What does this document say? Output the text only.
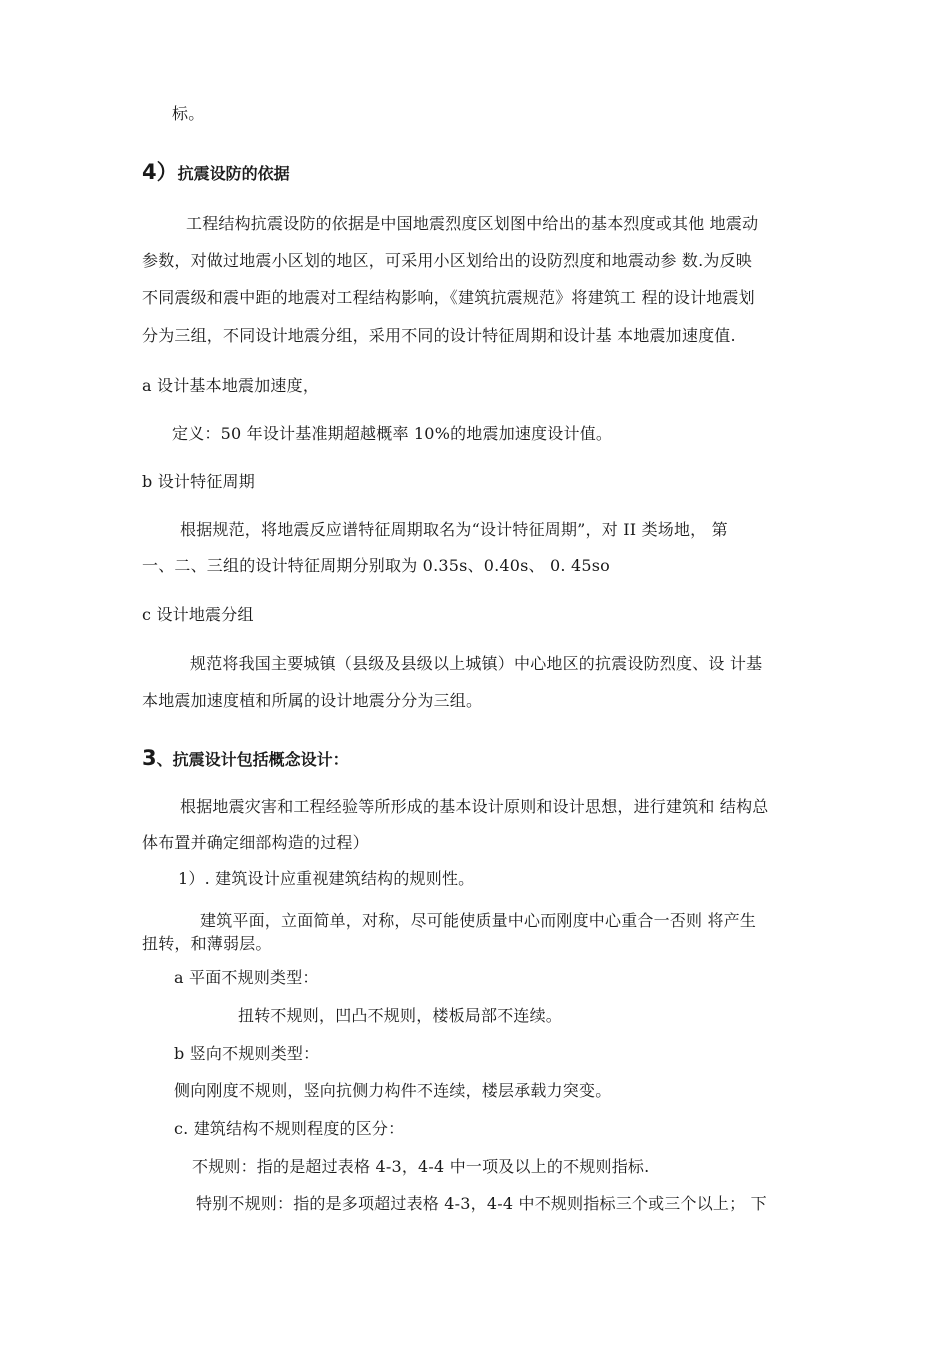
标。
4）抗震设防的依据
工程结构抗震设防的依据是中国地震烈度区划图中给出的基本烈度或其他 地震动
参数，对做过地震小区划的地区，可采用小区划给出的设防烈度和地震动参 数.为反映
不同震级和震中距的地震对工程结构影响，《建筑抗震规范》将建筑工 程的设计地震划
分为三组，不同设计地震分组，采用不同的设计特征周期和设计基 本地震加速度值.
a 设计基本地震加速度，
定义：50 年设计基准期超越概率 10%的地震加速度设计值。
b 设计特征周期
根据规范，将地震反应谱特征周期取名为“设计特征周期”，对 II 类场地， 第
一、二、三组的设计特征周期分别取为 0.35s、0.40s、 0. 45so
c 设计地震分组
规范将我国主要城镇（县级及县级以上城镇）中心地区的抗震设防烈度、设 计基
本地震加速度植和所属的设计地震分分为三组。
3、抗震设计包括概念设计：
根据地震灾害和工程经验等所形成的基本设计原则和设计思想，进行建筑和 结构总
体布置并确定细部构造的过程）
1）. 建筑设计应重视建筑结构的规则性。
建筑平面，立面简单，对称，尽可能使质量中心而刚度中心重合一否则 将产生
扭转，和薄弱层。
a 平面不规则类型：
扭转不规则，凹凸不规则，楼板局部不连续。
b 竖向不规则类型：
侧向刚度不规则，竖向抗侧力构件不连续，楼层承载力突变。
c. 建筑结构不规则程度的区分：
不规则：指的是超过表格 4-3，4-4 中一项及以上的不规则指标.
特别不规则：指的是多项超过表格 4-3，4-4 中不规则指标三个或三个以上； 下
